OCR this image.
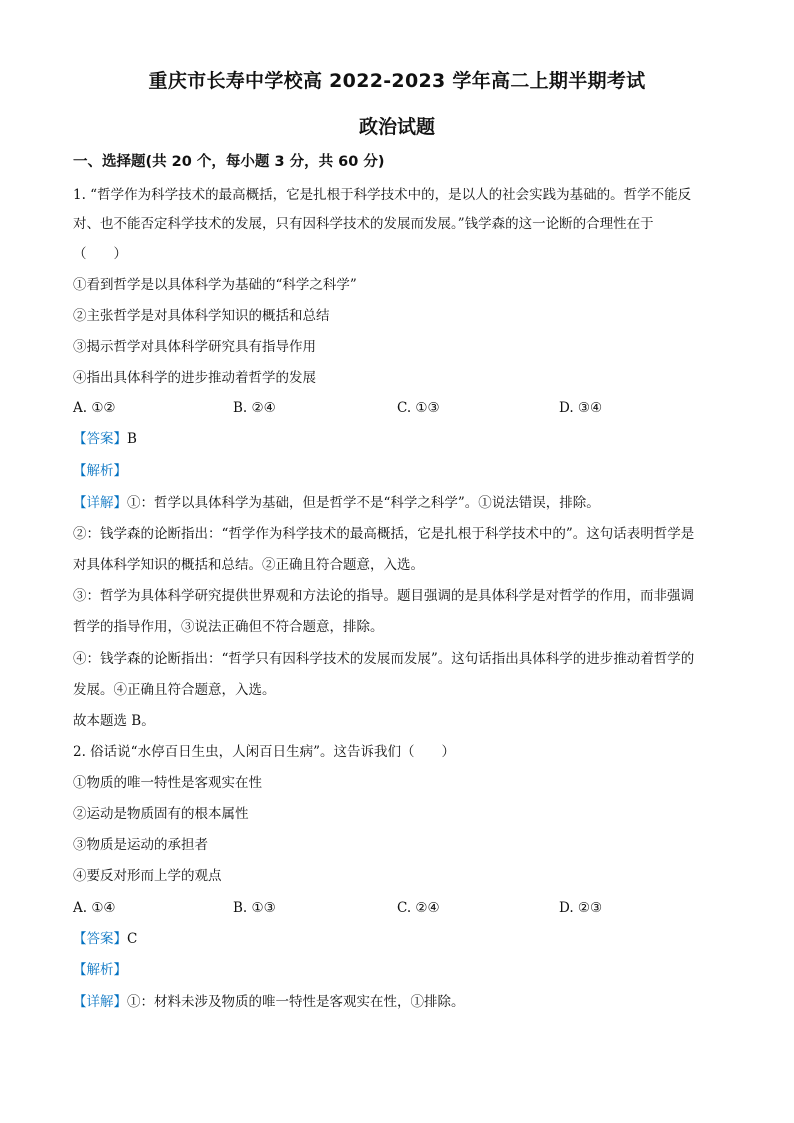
重庆市长寿中学校高 2022-2023 学年高二上期半期考试
政治试题
一、选择题(共 20 个，每小题 3 分，共 60 分)
1. “哲学作为科学技术的最高概括，它是扎根于科学技术中的，是以人的社会实践为基础的。哲学不能反
对、也不能否定科学技术的发展，只有因科学技术的发展而发展。”钱学森的这一论断的合理性在于
（　　）
①看到哲学是以具体科学为基础的“科学之科学”
②主张哲学是对具体科学知识的概括和总结
③揭示哲学对具体科学研究具有指导作用
④指出具体科学的进步推动着哲学的发展
A. ①②	B. ②④	C. ①③	D. ③④
【答案】B
【解析】
【详解】①：哲学以具体科学为基础，但是哲学不是“科学之科学”。①说法错误，排除。
②：钱学森的论断指出：“哲学作为科学技术的最高概括，它是扎根于科学技术中的”。这句话表明哲学是
对具体科学知识的概括和总结。②正确且符合题意，入选。
③：哲学为具体科学研究提供世界观和方法论的指导。题目强调的是具体科学是对哲学的作用，而非强调
哲学的指导作用，③说法正确但不符合题意，排除。
④：钱学森的论断指出：“哲学只有因科学技术的发展而发展”。这句话指出具体科学的进步推动着哲学的
发展。④正确且符合题意，入选。
故本题选 B。
2. 俗话说“水停百日生虫，人闲百日生病”。这告诉我们（　　）
①物质的唯一特性是客观实在性
②运动是物质固有的根本属性
③物质是运动的承担者
④要反对形而上学的观点
A. ①④	B. ①③	C. ②④	D. ②③
【答案】C
【解析】
【详解】①：材料未涉及物质的唯一特性是客观实在性，①排除。
